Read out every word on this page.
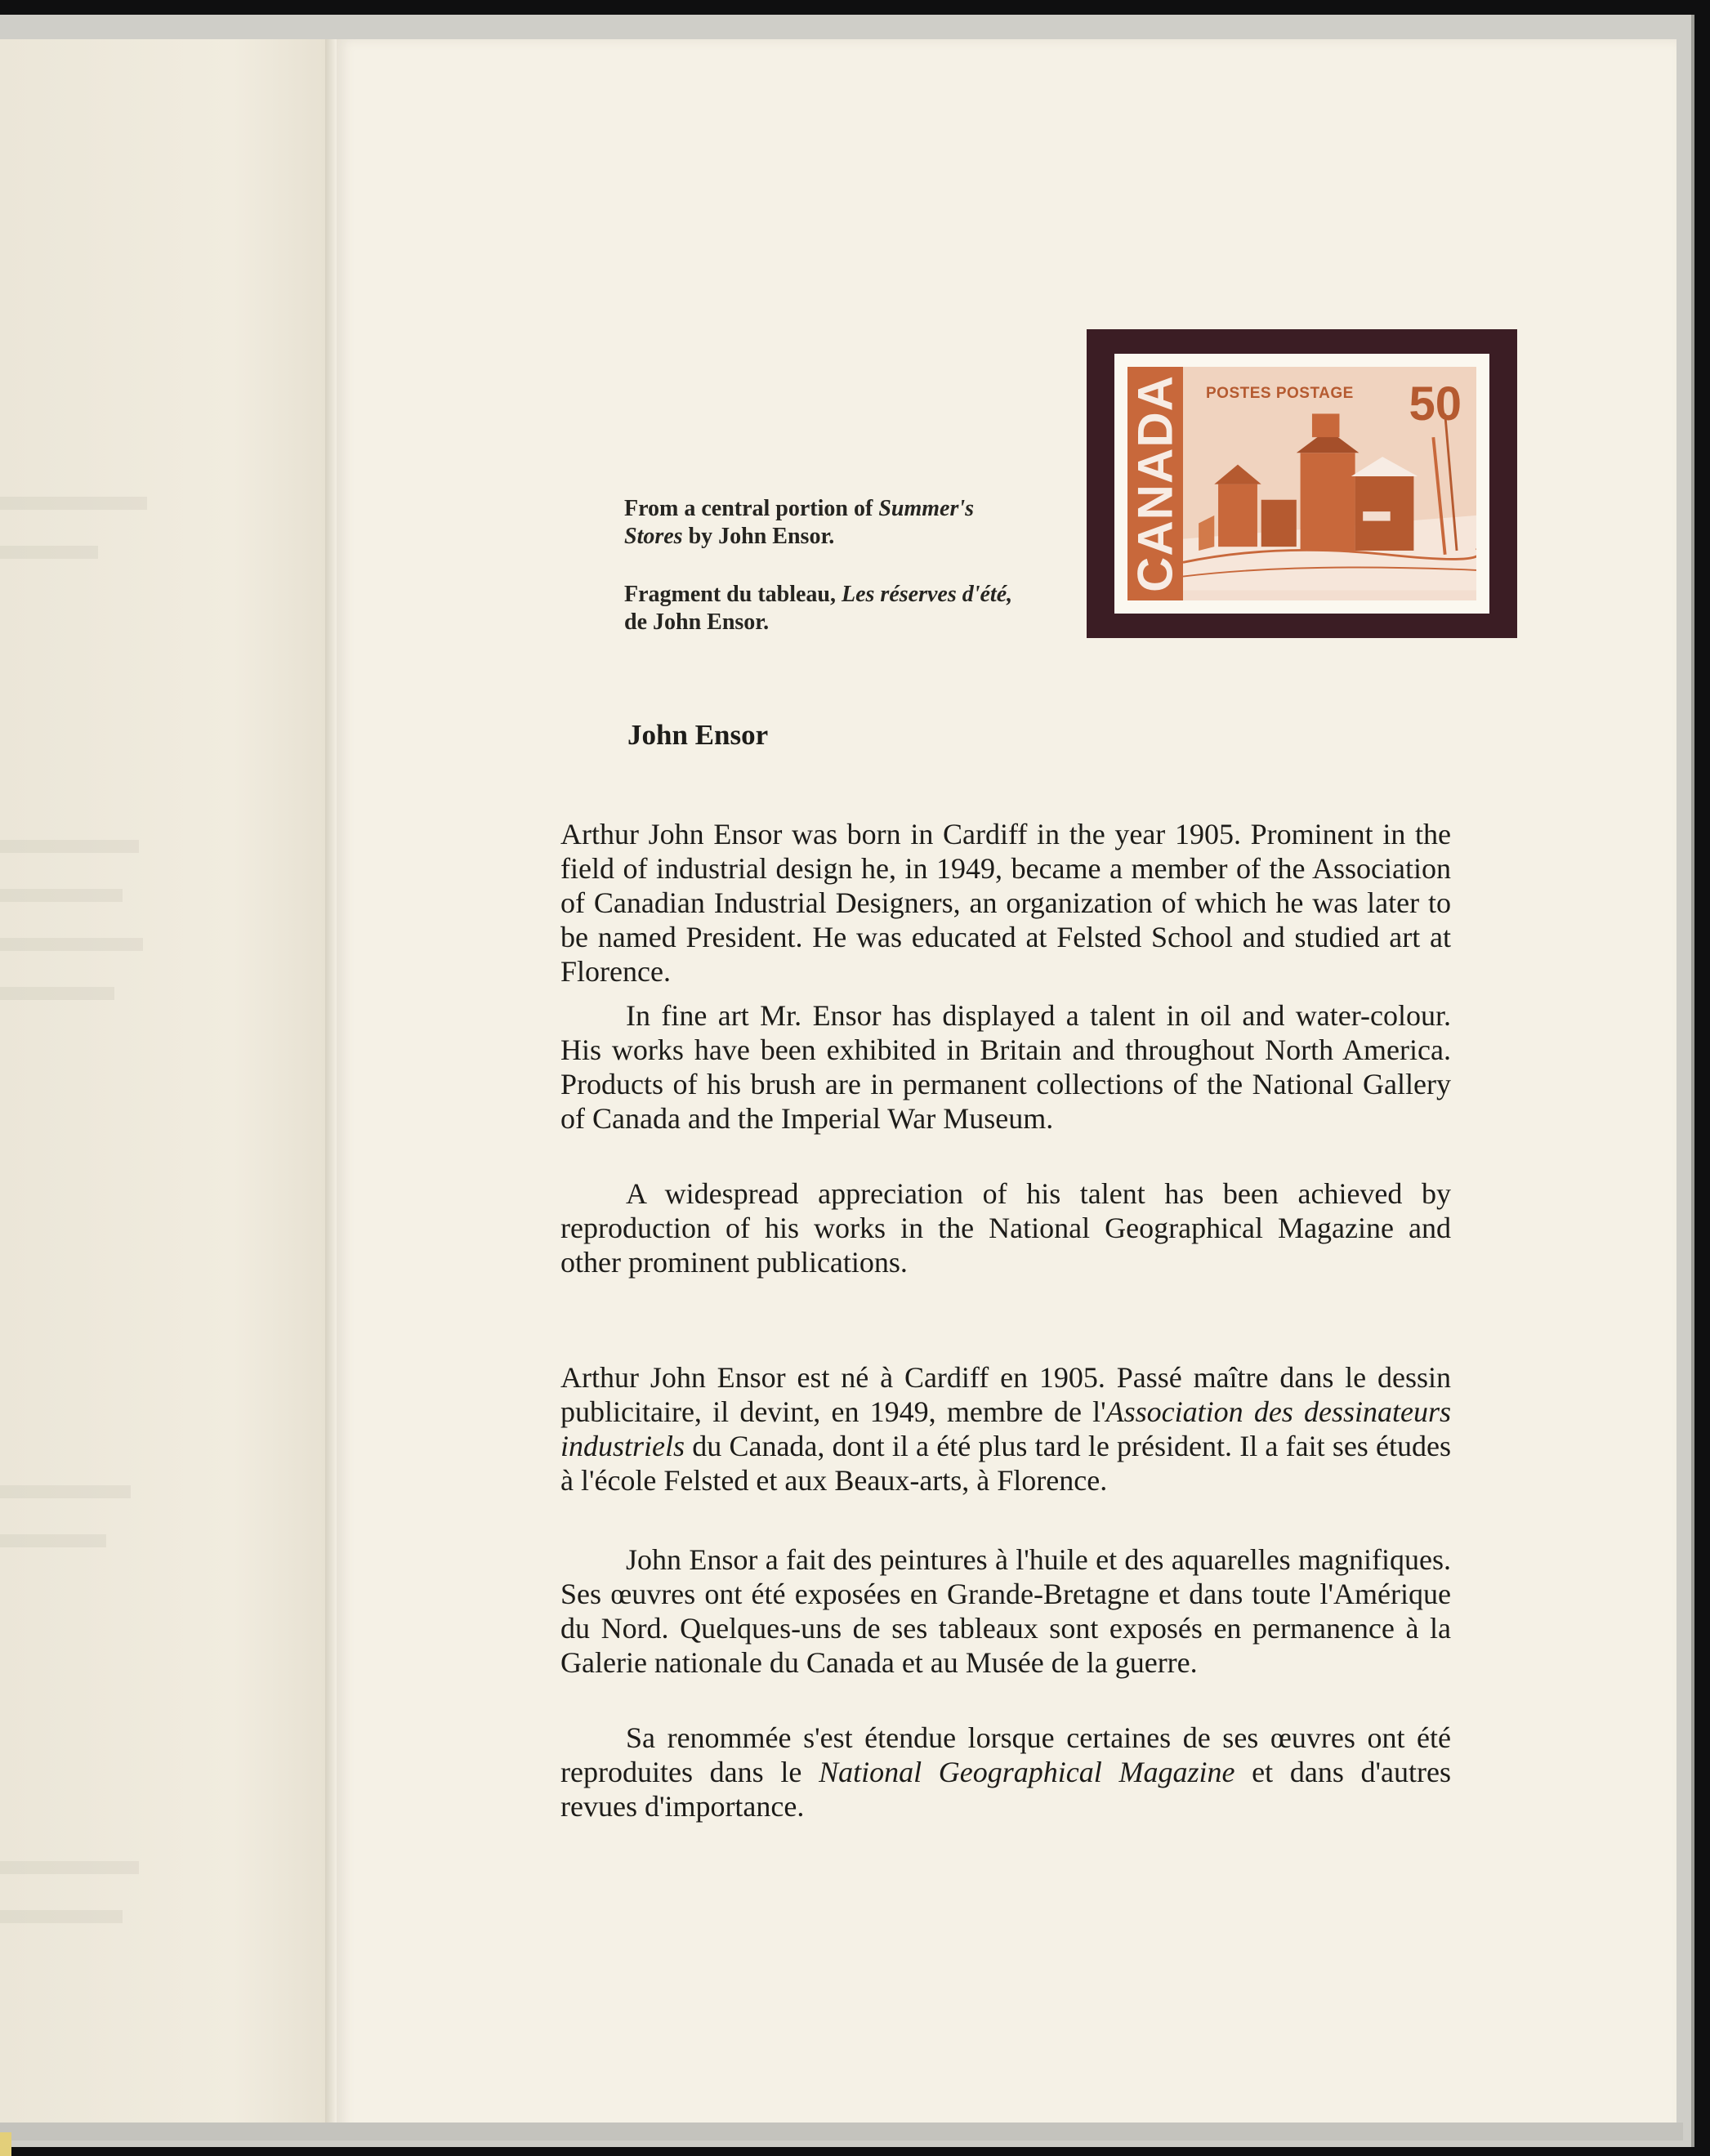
CANADA POSTES POSTAGE 50
From a central portion of Summer's Stores by John Ensor.
Fragment du tableau, Les réserves d'été, de John Ensor.
John Ensor

Arthur John Ensor was born in Cardiff in the year 1905. Prominent in the field of industrial design he, in 1949, became a member of the Association of Canadian Industrial Designers, an organization of which he was later to be named President. He was educated at Felsted School and studied art at Florence.

In fine art Mr. Ensor has displayed a talent in oil and water-colour. His works have been exhibited in Britain and throughout North America. Products of his brush are in permanent collections of the National Gallery of Canada and the Imperial War Museum.

A widespread appreciation of his talent has been achieved by reproduction of his works in the National Geographical Magazine and other prominent publications.

Arthur John Ensor est né à Cardiff en 1905. Passé maître dans le dessin publicitaire, il devint, en 1949, membre de l'Association des dessinateurs industriels du Canada, dont il a été plus tard le président. Il a fait ses études à l'école Felsted et aux Beaux-arts, à Florence.

John Ensor a fait des peintures à l'huile et des aquarelles magnifiques. Ses œuvres ont été exposées en Grande-Bretagne et dans toute l'Amérique du Nord. Quelques-uns de ses tableaux sont exposés en permanence à la Galerie nationale du Canada et au Musée de la guerre.

Sa renommée s'est étendue lorsque certaines de ses œuvres ont été reproduites dans le National Geographical Magazine et dans d'autres revues d'importance.
